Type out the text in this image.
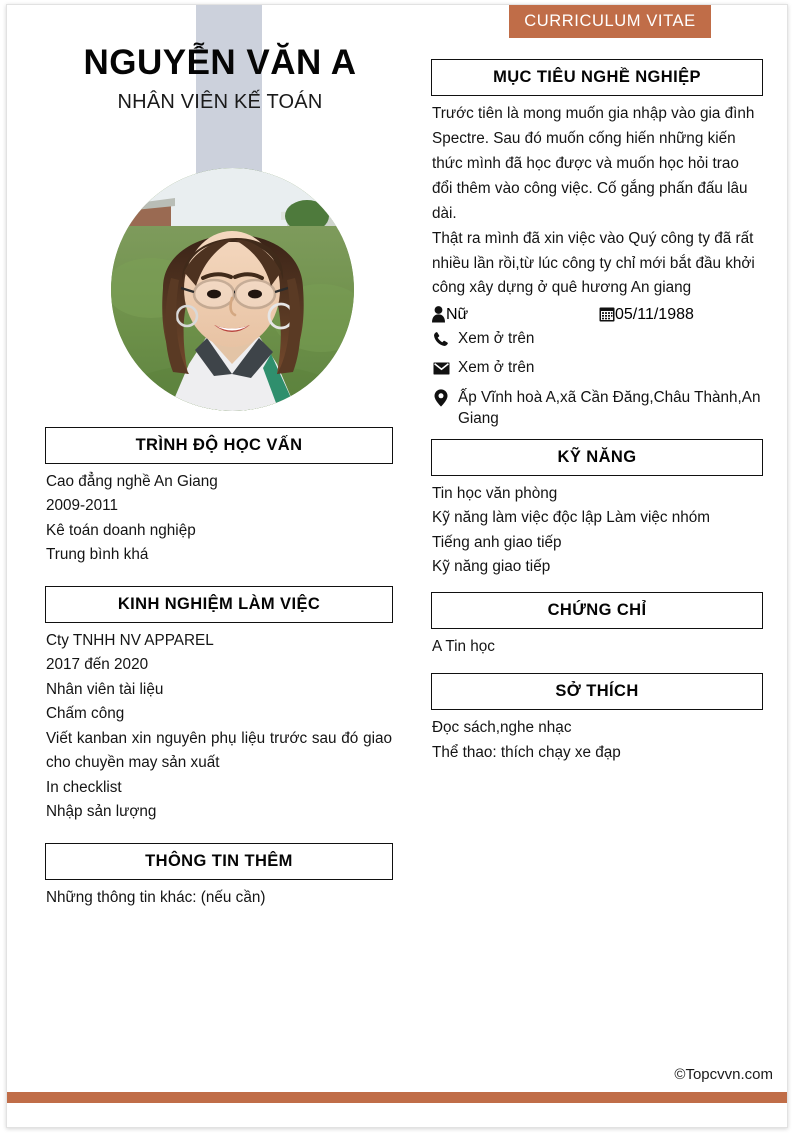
CURRICULUM VITAE
NGUYỄN VĂN A
NHÂN VIÊN KẾ TOÁN
TRÌNH ĐỘ HỌC VẤN

Cao đẳng nghề An Giang

2009-2011

Kê toán doanh nghiệp

Trung bình khá

KINH NGHIỆM LÀM VIỆC

Cty TNHH NV APPAREL

2017 đến 2020

Nhân viên tài liệu

Chấm công

Viết kanban xin nguyên phụ liệu trước sau đó giao cho chuyền may sản xuất

In checklist

Nhập sản lượng

THÔNG TIN THÊM

Những thông tin khác: (nếu cần)

MỤC TIÊU NGHỀ NGHIỆP

Trước tiên là mong muốn gia nhập vào gia đình Spectre. Sau đó muốn cống hiến những kiến thức mình đã học được và muốn học hỏi trao đổi thêm vào công việc. Cố gắng phấn đấu lâu dài.

Thật ra mình đã xin việc vào Quý công ty đã rất nhiều lần rồi,từ lúc công ty chỉ mới bắt đầu khởi công xây dựng ở quê hương An giang

Nữ	05/11/1988
Xem ở trên
Xem ở trên
Ấp Vĩnh hoà A,xã Cần Đăng,Châu Thành,An Giang
KỸ NĂNG

Tin học văn phòng

Kỹ năng làm việc độc lập Làm việc nhóm

Tiếng anh giao tiếp

Kỹ năng giao tiếp

CHỨNG CHỈ

A Tin học

SỞ THÍCH

Đọc sách,nghe nhạc

Thể thao: thích chạy xe đạp

©Topcvvn.com
